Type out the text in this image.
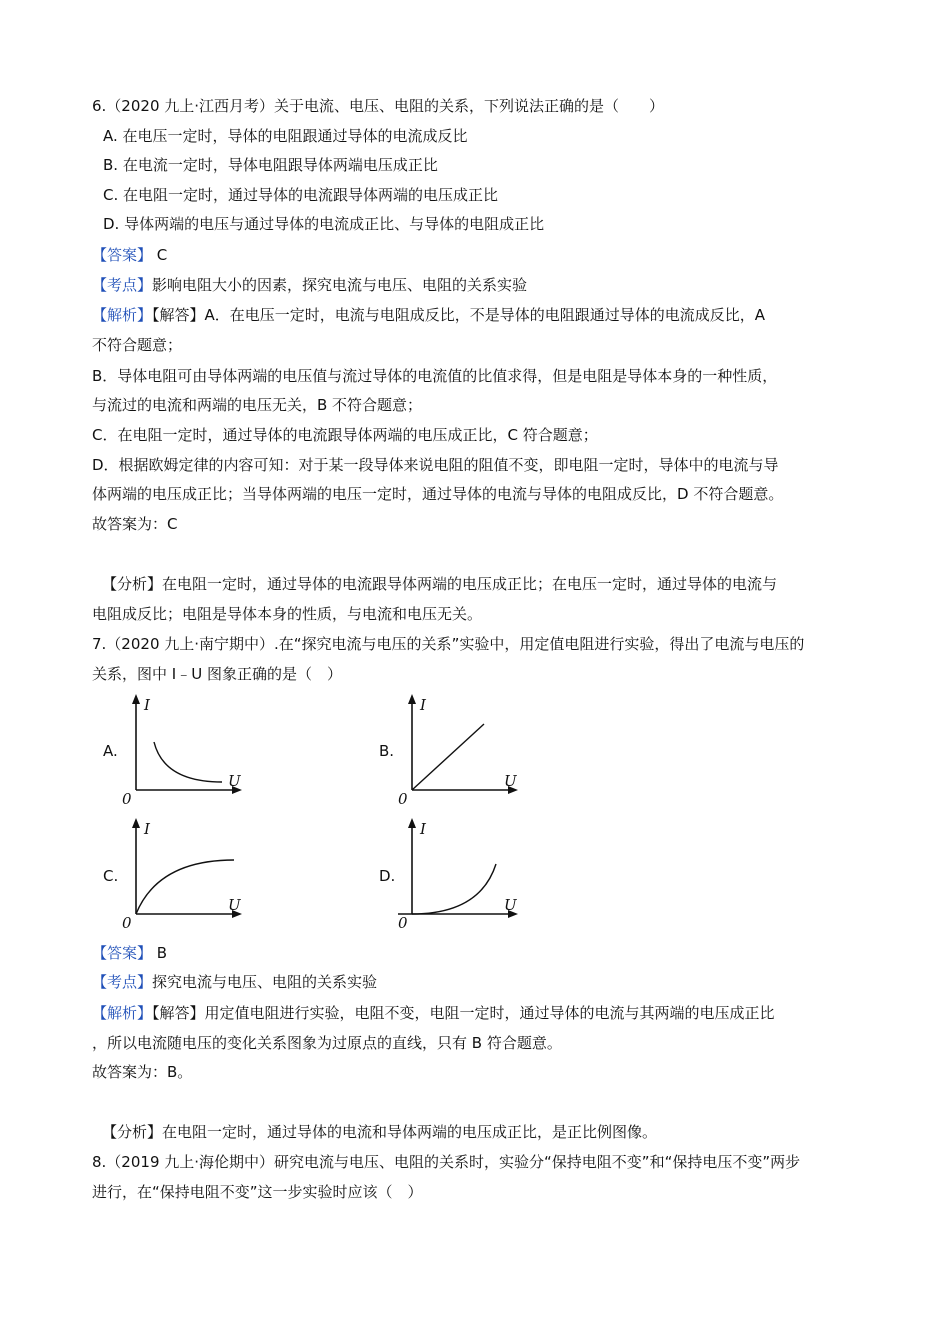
6.（2020 九上·江西月考）关于电流、电压、电阻的关系，下列说法正确的是（　　）
A. 在电压一定时，导体的电阻跟通过导体的电流成反比
B. 在电流一定时，导体电阻跟导体两端电压成正比
C. 在电阻一定时，通过导体的电流跟导体两端的电压成正比
D. 导体两端的电压与通过导体的电流成正比、与导体的电阻成正比
【答案】 C
【考点】影响电阻大小的因素，探究电流与电压、电阻的关系实验
【解析】【解答】A．在电压一定时，电流与电阻成反比，不是导体的电阻跟通过导体的电流成反比，A
不符合题意；
B．导体电阻可由导体两端的电压值与流过导体的电流值的比值求得，但是电阻是导体本身的一种性质，
与流过的电流和两端的电压无关，B 不符合题意；
C．在电阻一定时，通过导体的电流跟导体两端的电压成正比，C 符合题意；
D．根据欧姆定律的内容可知：对于某一段导体来说电阻的阻值不变，即电阻一定时，导体中的电流与导
体两端的电压成正比；当导体两端的电压一定时，通过导体的电流与导体的电阻成反比，D 不符合题意。
故答案为：C
【分析】在电阻一定时，通过导体的电流跟导体两端的电压成正比；在电压一定时，通过导体的电流与
电阻成反比；电阻是导体本身的性质，与电流和电压无关。
7.（2020 九上·南宁期中）.在“探究电流与电压的关系”实验中，用定值电阻进行实验，得出了电流与电压的
关系，图中 I﹣U 图象正确的是（　）
A.	B.
C.	D.
I
U
0
I
U
0
I
U
0
I
U
0
【答案】 B
【考点】探究电流与电压、电阻的关系实验
【解析】【解答】用定值电阻进行实验，电阻不变，电阻一定时，通过导体的电流与其两端的电压成正比
，所以电流随电压的变化关系图象为过原点的直线，只有 B 符合题意。
故答案为：B。
【分析】在电阻一定时，通过导体的电流和导体两端的电压成正比，是正比例图像。
8.（2019 九上·海伦期中）研究电流与电压、电阻的关系时，实验分“保持电阻不变”和“保持电压不变”两步
进行，在“保持电阻不变”这一步实验时应该（　）
